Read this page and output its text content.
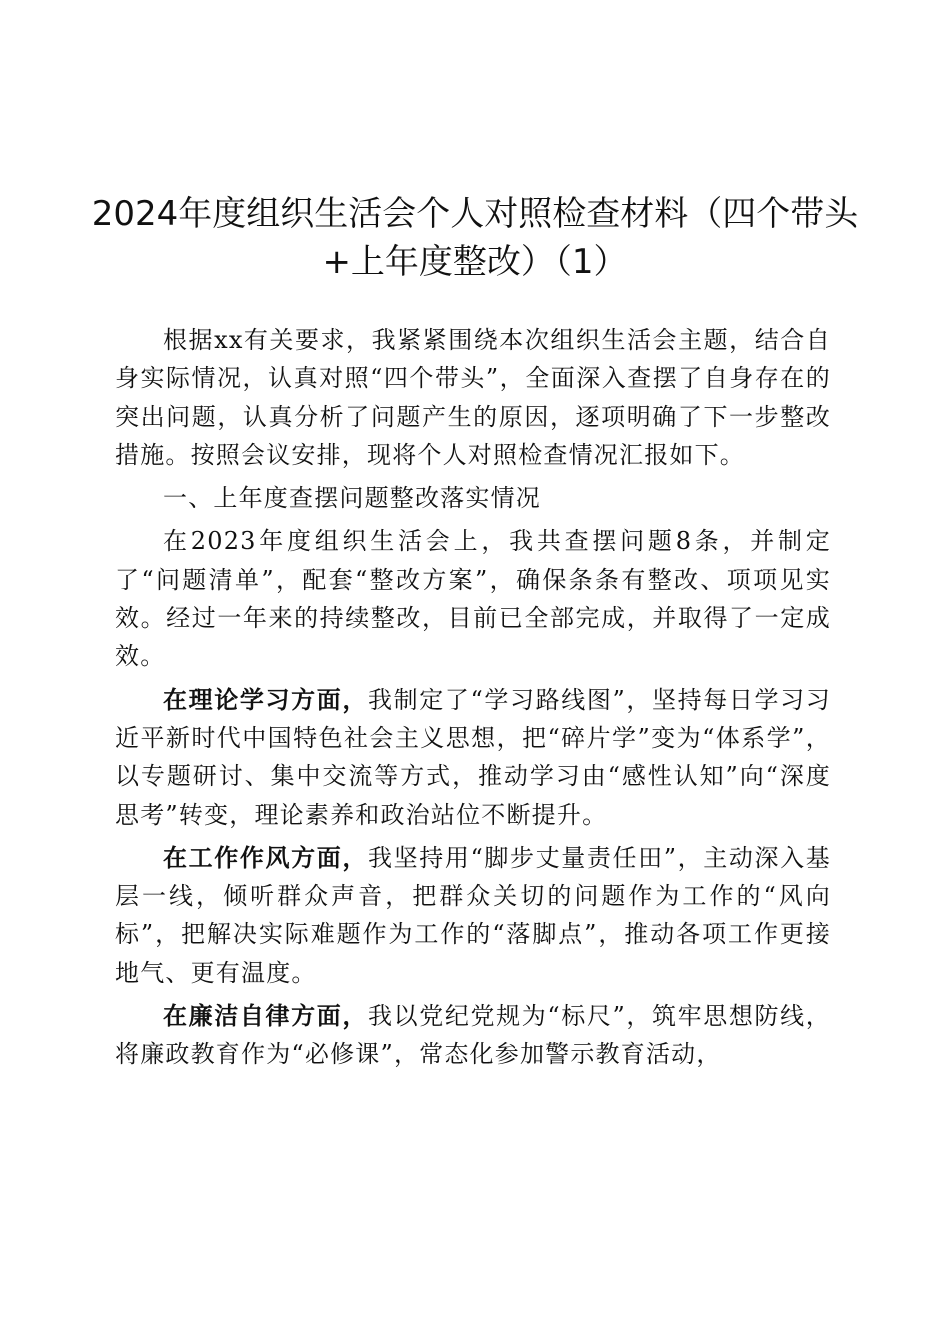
2024年度组织生活会个人对照检查材料（四个带头+上年度整改）（1）

根据xx有关要求，我紧紧围绕本次组织生活会主题，结合自身实际情况，认真对照“四个带头”，全面深入查摆了自身存在的突出问题，认真分析了问题产生的原因，逐项明确了下一步整改措施。按照会议安排，现将个人对照检查情况汇报如下。

一、上年度查摆问题整改落实情况

在2023年度组织生活会上，我共查摆问题8条，并制定了“问题清单”，配套“整改方案”，确保条条有整改、项项见实效。经过一年来的持续整改，目前已全部完成，并取得了一定成效。

在理论学习方面，我制定了“学习路线图”，坚持每日学习习近平新时代中国特色社会主义思想，把“碎片学”变为“体系学”，以专题研讨、集中交流等方式，推动学习由“感性认知”向“深度思考”转变，理论素养和政治站位不断提升。

在工作作风方面，我坚持用“脚步丈量责任田”，主动深入基层一线，倾听群众声音，把群众关切的问题作为工作的“风向标”，把解决实际难题作为工作的“落脚点”，推动各项工作更接地气、更有温度。

在廉洁自律方面，我以党纪党规为“标尺”，筑牢思想防线，将廉政教育作为“必修课”，常态化参加警示教育活动，
